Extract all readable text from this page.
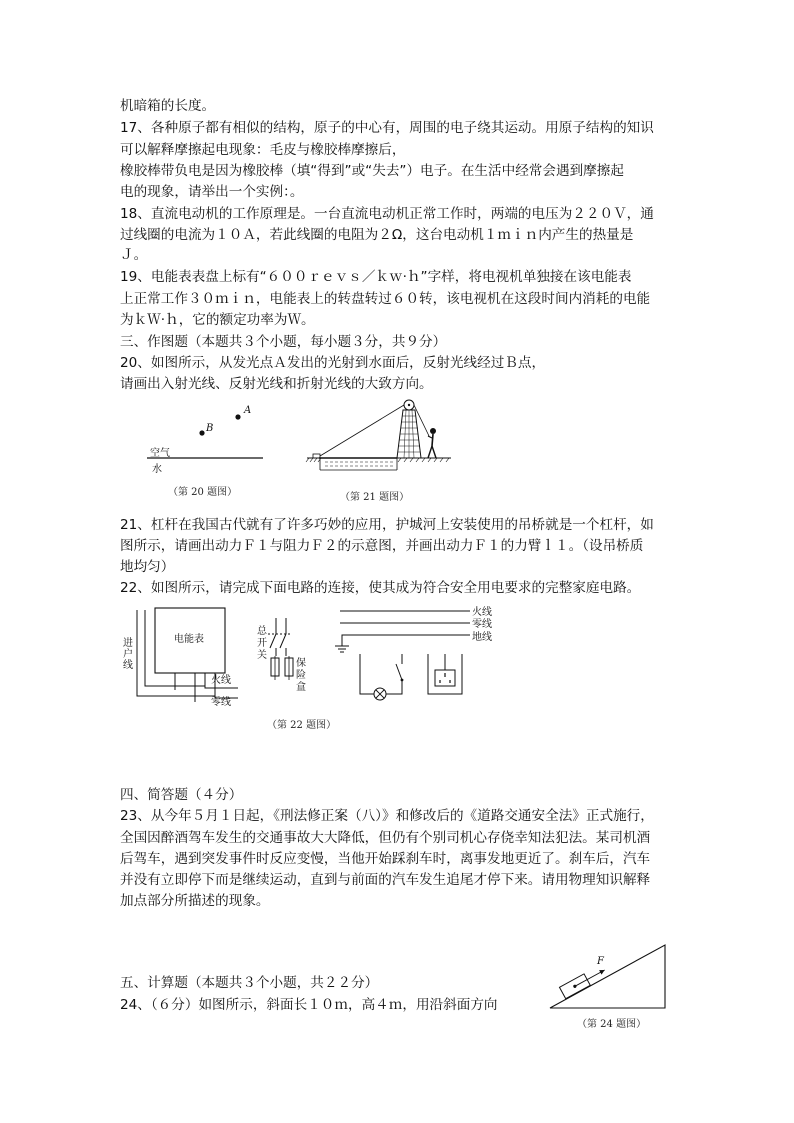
机暗箱的长度。
17、各种原子都有相似的结构，原子的中心有，周围的电子绕其运动。用原子结构的知识
可以解释摩擦起电现象：毛皮与橡胶棒摩擦后，
橡胶棒带负电是因为橡胶棒（填“得到”或“失去”）电子。在生活中经常会遇到摩擦起
电的现象，请举出一个实例：。
18、直流电动机的工作原理是。一台直流电动机正常工作时，两端的电压为２２０Ｖ，通
过线圈的电流为１０Ａ，若此线圈的电阻为２Ω，这台电动机１ｍｉｎ内产生的热量是
Ｊ。
19、电能表表盘上标有“６００ｒｅｖｓ／ｋｗ·ｈ”字样，将电视机单独接在该电能表
上正常工作３０ｍｉｎ，电能表上的转盘转过６０转，该电视机在这段时间内消耗的电能
为ｋＷ·ｈ，它的额定功率为Ｗ。
三、作图题（本题共３个小题，每小题３分，共９分）
20、如图所示，从发光点Ａ发出的光射到水面后，反射光线经过Ｂ点，
请画出入射光线、反射光线和折射光线的大致方向。
A
B
空气
水
（第 20 题图）	（第 21 题图）
21、杠杆在我国古代就有了许多巧妙的应用，护城河上安装使用的吊桥就是一个杠杆，如
图所示，请画出动力Ｆ１与阻力Ｆ２的示意图，并画出动力Ｆ１的力臂ｌ１。（设吊桥质
地均匀）
22、如图所示，请完成下面电路的连接，使其成为符合安全用电要求的完整家庭电路。
电能表
进
户
线
火线
零线
总
开
关
保
险
盒
火线
零线
地线
（第 22 题图）
四、简答题（４分）
23、从今年５月１日起，《刑法修正案（八）》和修改后的《道路交通安全法》正式施行，
全国因醉酒驾车发生的交通事故大大降低，但仍有个别司机心存侥幸知法犯法。某司机酒
后驾车，遇到突发事件时反应变慢，当他开始踩刹车时，离事发地更近了。刹车后，汽车
并没有立即停下而是继续运动，直到与前面的汽车发生追尾才停下来。请用物理知识解释
加点部分所描述的现象。
五、计算题（本题共３个小题，共２２分）
24、（６分）如图所示，斜面长１０ｍ，高４ｍ，用沿斜面方向
F
（第 24 题图）
